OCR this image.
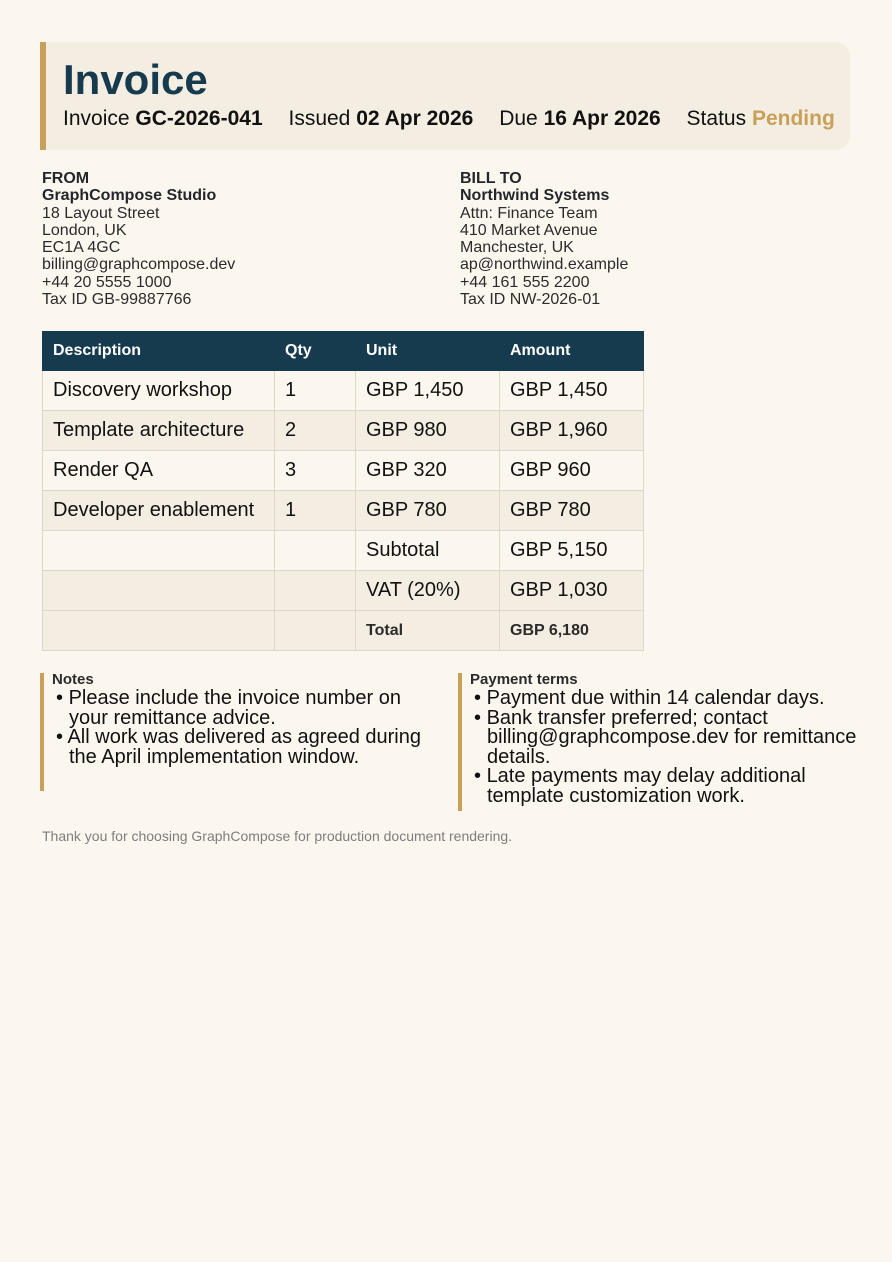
Invoice
Invoice GC-2026-041 Issued 02 Apr 2026 Due 16 Apr 2026 Status Pending
FROM
GraphCompose Studio
18 Layout Street
London, UK
EC1A 4GC
billing@graphcompose.dev
+44 20 5555 1000
Tax ID GB-99887766
BILL TO
Northwind Systems
Attn: Finance Team
410 Market Avenue
Manchester, UK
ap@northwind.example
+44 161 555 2200
Tax ID NW-2026-01
Description	Qty	Unit	Amount
Discovery workshop	1	GBP 1,450	GBP 1,450
Template architecture	2	GBP 980	GBP 1,960
Render QA	3	GBP 320	GBP 960
Developer enablement	1	GBP 780	GBP 780
		Subtotal	GBP 5,150
		VAT (20%)	GBP 1,030
		Total	GBP 6,180
Notes
• Please include the invoice number on your remittance advice.
• All work was delivered as agreed during the April implementation window.
Payment terms
• Payment due within 14 calendar days.
• Bank transfer preferred; contact billing@graphcompose.dev for remittance details.
• Late payments may delay additional template customization work.
Thank you for choosing GraphCompose for production document rendering.
